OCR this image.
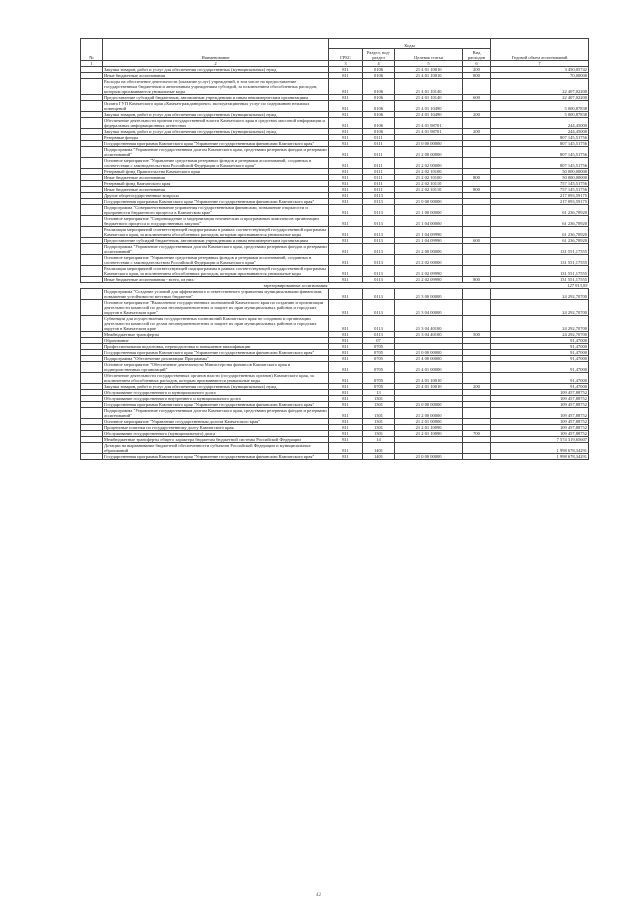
№	Наименование	Коды				Годовой объем ассигнований
		ГРБС	Раздел, под-раздел	Целевая статья	Вид расходов	
1	2	3	4	5	6	7
	Закупка товаров, работ и услуг для обеспечения государственных (муниципальных) нужд	811	0106	21 4 01 10010	200	3 450,05742
	Иные бюджетные ассигнования	811	0106	21 4 01 10010	800	70,00000
	Расходы на обеспечение деятельности (оказание услуг) учреждений, в том числе на предоставление государственным бюджетным и автономным учреждениям субсидий, за исключением обособленных расходов, которым присваиваются уникальные коды	811	0106	21 4 01 10140		22 407,02200
	Предоставление субсидий бюджетным, автономным учреждениям и иным некоммерческим организациям	811	0106	21 4 01 10140	600	22 407,02200
	Оплата ГУП Камчатского края «Камчатгражданпроект» эксплуатационных услуг по содержанию нежилых помещений	811	0106	21 4 01 10490		5 000,87838
	Закупка товаров, работ и услуг для обеспечения государственных (муниципальных) нужд	811	0106	21 4 01 10490	200	5 000,87838
	Обеспечение деятельности органов государственной власти Камчатского края в средствах массовой информации и федеральных информационных агентствах	811	0106	21 4 01 98701		244,45000
	Закупка товаров, работ и услуг для обеспечения государственных (муниципальных) нужд	811	0106	21 4 01 98701	200	244,45000
	Резервные фонды	811	0111			807 145,51756
	Государственная программа Камчатского края "Управление государственными финансами Камчатского края"	811	0111	21 0 00 00000		807 145,51756
	Подпрограмма "Управление государственным долгом Камчатского края, средствами резервных фондов и резервами ассигнований"	811	0111	21 2 00 00000		807 145,51756
	Основное мероприятие "Управление средствами резервных фондов и резервами ассигнований, созданных в соответствии с законодательством Российской Федерации и Камчатского края"	811	0111	21 2 02 00000		807 145,51756
	Резервный фонд Правительства Камчатского края	811	0111	21 2 02 10100		50 000,00000
	Иные бюджетные ассигнования	811	0111	21 2 02 10100	800	50 000,00000
	Резервный фонд Камчатского края	811	0111	21 2 02 10110		757 145,51756
	Иные бюджетные ассигнования	811	0111	21 2 02 10110	800	757 145,51756
	Другие общегосударственные вопросы	811	0113			217 093,59175
	Государственная программа Камчатского края "Управление государственными финансами Камчатского края"	811	0113	21 0 00 00000		217 093,59175
	Подпрограмма "Совершенствование управления государственными финансами, повышение открытости и прозрачности бюджетного процесса в Камчатском крае"	811	0113	21 1 00 00000		61 236,70920
	Основное мероприятие "Сопровождение и модернизация технических и программных комплексов организации бюджетного процесса и государственных закупок"	811	0113	21 1 04 00000		61 236,70920
	Реализация мероприятий соответствующей подпрограммы в рамках соответствующей государственной программы Камчатского края, за исключением обособленных расходов, которым присваиваются уникальные коды	811	0113	21 1 04 09990		61 236,70920
	Предоставление субсидий бюджетным, автономным учреждениям и иным некоммерческим организациям	811	0113	21 1 04 09990	600	61 236,70920
	Подпрограмма "Управление государственным долгом Камчатского края, средствами резервных фондов и резервами ассигнований"	811	0113	21 2 00 00000		131 551,17555
	Основное мероприятие "Управление средствами резервных фондов и резервами ассигнований, созданных в соответствии с законодательством Российской Федерации и Камчатского края"	811	0113	21 2 02 00000		131 551,17555
	Реализация мероприятий соответствующей подпрограммы в рамках соответствующей государственной программы Камчатского края, за исключением обособленных расходов, которым присваиваются уникальные коды	811	0113	21 2 02 09990		131 551,17555
	Иные бюджетные ассигнования - всего, из них:	811	0113	21 2 02 09990	800	131 551,17555
	зарезервированные ассигнования					127 913,93
	Подпрограмма "Создание условий для эффективного и ответственного управления муниципальными финансами, повышение устойчивости местных бюджетов"	811	0113	21 3 00 00000		24 292,70700
	Основное мероприятие "Выполнение государственных полномочий Камчатского края по созданию и организации деятельности комиссий по делам несовершеннолетних и защите их прав муниципальных районов и городских округов в Камчатском крае"	811	0113	21 3 04 00000		24 292,70700
	Субвенции для осуществления государственных полномочий Камчатского края по созданию и организации деятельности комиссий по делам несовершеннолетних и защите их прав муниципальных районов и городских округов в Камчатском крае	811	0113	21 3 04 40100		24 292,70700
	Межбюджетные трансферты	811	0113	21 3 04 40100	500	24 292,70700
	Образование	811	07			91,47000
	Профессиональная подготовка, переподготовка и повышение квалификации	811	0705			91,47000
	Государственная программа Камчатского края "Управление государственными финансами Камчатского края"	811	0705	21 0 00 00000		91,47000
	Подпрограмма "Обеспечение реализации Программы"	811	0705	21 4 00 00000		91,47000
	Основное мероприятие "Обеспечение деятельности Министерства финансов Камчатского края и подведомственных организаций"	811	0705	21 4 01 00000		91,47000
	Обеспечение деятельности государственных органов власти (государственных органов) Камчатского края, за исключением обособленных расходов, которым присваиваются уникальные коды	811	0705	21 4 01 10010		91,47000
	Закупка товаров, работ и услуг для обеспечения государственных (муниципальных) нужд	811	0705	21 4 01 10010	200	91,47000
	Обслуживание государственного и муниципального долга	811	13			109 457,88752
	Обслуживание государственного внутреннего и муниципального долга	811	1301			109 457,88752
	Государственная программа Камчатского края "Управление государственными финансами Камчатского края"	811	1301	21 0 00 00000		109 457,88752
	Подпрограмма "Управление государственным долгом Камчатского края, средствами резервных фондов и резервами ассигнований"	811	1301	21 2 00 00000		109 457,88752
	Основное мероприятие "Управление государственным долгом Камчатского края"	811	1301	21 2 01 00000		109 457,88752
	Процентные платежи по государственному долгу Камчатского края	811	1301	21 2 01 10090		109 457,88752
	Обслуживание государственного (муниципального) долга	811	1301	21 2 01 10090	700	109 457,88752
	Межбюджетные трансферты общего характера бюджетам бюджетной системы Российской Федерации	811	14			7 574 319,65607
	Дотации на выравнивание бюджетной обеспеченности субъектов Российской Федерации и муниципальных образований	811	1401			1 998 678,34291
	Государственная программа Камчатского края "Управление государственными финансами Камчатского края"	811	1401	21 0 00 00000		1 998 678,34291
42
